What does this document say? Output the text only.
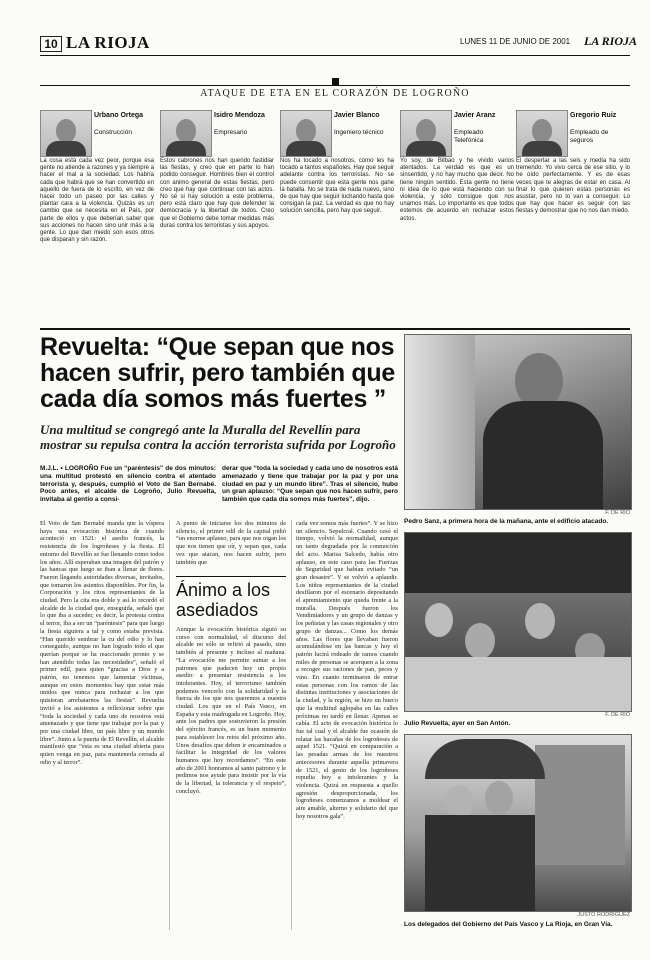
10 LA RIOJA	LUNES 11 DE JUNIO DE 2001 LA RIOJA
ATAQUE DE ETA EN EL CORAZÓN DE LOGROÑO
Urbano Ortega
Construcción
La cosa está cada vez peor, porque esa gente no atiende a razones y ya siempre a hacer el mal a la sociedad. Los habría cada que habrá que se han convertido en aquello de fuera de lo escrito, en vez de hacer todo un paseo por las calles y plantar cara a la violencia. Quizás es un cambio que se necesita en el País, por parte de ellos y que deberían saber que sus acciones no hacen sino unir más a la gente. Lo que dan miedo son esos otros que disparan y sin razón.
Isidro Mendoza
Empresario
Estos cabrones nos han querido fastidiar las fiestas, y creo que en parte lo han podido conseguir. Hombres bien el control con animo general de estas fiestas, pero creo que hay que continuar con las actos. No sé si hay solución a este problema, pero está claro que hay que defender la democracia y la libertad de todos. Creo que el Gobierno debe tomar medidas más duras contra los terroristas y sus apoyos.
Javier Blanco
Ingeniero técnico
Nos ha tocado a nosotros, como les ha tocado a tantos españoles. Hay que seguir adelante contra los terroristas. No se puede consentir que esta gente nos gane la batalla. No se trata de nada nuevo, sino de que hay que seguir luchando hasta que consigan la paz. La verdad es que no hay solución sencilla, pero hay que seguir.
Javier Aranz
Empleado Telefónica
Yo soy, de Bilbao y he vivido varios atentados. La verdad es que es un sinsentido, y no hay mucho que decir. No tiene ningún sentido. Esta gente no tiene ni idea de lo que está haciendo con su violencia, y sólo consigue que nos unamos más. Lo importante es que todos estemos de acuerdo en rechazar estos actos.
Gregorio Ruiz
Empleado de seguros
El despertar a las seis y media ha sido tremendo. Yo vivo cerca de ese sitio, y lo he oído perfectamente. Y es de esas veces que te alegras de estar en casa. Al final lo que quieren estas personas es asustar, pero no lo van a conseguir. Lo que hay que hacer es seguir con las fiestas y demostrar que no nos dan miedo.
Revuelta: “Que sepan que nos hacen sufrir, pero también que cada día somos más fuertes ”
Una multitud se congregó ante la Muralla del Revellín para mostrar su repulsa contra la acción terrorista sufrida por Logroño
F. DE RIO
Pedro Sanz, a primera hora de la mañana, ante el edificio atacado.
M.J.L. • LOGROÑO Fue un “paréntesis” de dos minutos: una multitud protestó en silencio contra el atentado terrorista y, después, cumplió el Voto de San Bernabé. Poco antes, el alcalde de Logroño, Julio Revuelta, invitaba al gentío a consi-
derar que “toda la sociedad y cada uno de nosotros está amenazado y tiene que trabajar por la paz y por una ciudad en paz y un mundo libre”. Tras el silencio, hubo un gran aplauso: “Que sepan que nos hacen sufrir, pero también que cada día somos más fuertes”, dijo.
El Voto de San Bernabé manda que la víspera haya una evocación histórica de cuando aconteció en 1521: el asedio francés, la resistencia de los logroñeses y la fiesta. El entorno del Revellín se fue llenando como todos los años. Allí esperaban una imagen del patrón y las bancas que luego se iban a llenar de flores. Fueron llegando autoridades diversas, invitados, que tomaron los asientos disponibles. Por fin, la Corporación y los ritos representantes de la ciudad. Pero la cita era doble y así lo recordó el alcalde de la ciudad que, enseguida, señaló que lo que iba a suceder, es decir, la protesta contra el terror, iba a ser un “paréntesis” para que luego la fiesta siguiera a tal y como estaba prevista. “Han querido sembrar la cu del odio y lo han conseguido, aunque no han logrado todo el que querían porque se ha reaccionado pronto y se han atendido todas las necesidades”, señaló el primer edil, para quien “gracias a Dios y a patrón, no tenemos que lamentar víctimas, aunque en estos momentos hay que estar más unidos que nunca para rechazar a los que quisieran arrebatarnos las fiestas”. Revuelta invitó a los asistentes a reflexionar sobre que “toda la sociedad y cada uno de nosotros está amenazado y que tiene que trabajar por la paz y por una ciudad libre, un país libre y un mundo libre”. Junto a la puerta de El Revellín, el alcalde manifestó que “ésta es una ciudad abierta para quien venga en paz, para mantenerla cerrada al odio y al terror”.
A punto de iniciarse los dos minutos de silencio, el primer edil de la capital pidió “un enorme aplauso, para que nos oigan los que nos tienen que oír, y sepan que, cada vez que atacan, nos hacen sufrir, pero también que
Ánimo a los asediados
Aunque la evocación histórica siguió su curso con normalidad, el discurso del alcalde no sólo se refirió al pasado, sino también al presente y incluso al mañana. “La evocación me permite sumar a los patrones que padecen hoy un propio asedio: a presentar resistencia a los intolerantes. Hoy, el terrorismo también podemos vencerlo con la solidaridad y la fuerza de los que nos queremos a nuestra ciudad. Los que en el País Vasco, en España y esta madrugada en Logroño. Hoy, ante los padres que sostuvieron la presión del ejército francés, es un buen momento para establecer los retos del próximo año. Unos desafíos que deben ir encaminados a facilitar la integridad de los valores humanos que hoy recordamos”. “En este año de 2001 honramos al santo patrono y le pedimos nos ayude para insistir por la vía de la libertad, la tolerancia y el respeto”, concluyó.
cada vez somos más fuertes”. Y se hizo un silencio. Sepulcral. Cuando cesó el tiempo, volvió la normalidad, aunque un tanto degradada por la conmoción del acto. Marisa Salcedo, había otro aplauso, en este caso para las Fuerzas de Seguridad que habían evitado “un gran desastre”. Y se volvió a aplaudir. Los niños representantes de la ciudad desfilaron por el escenario depositando el apremiamiento que queda frente a la muralla. Después fueron los Vendimiadores y un grupo de danzas y los peñistas y las casas regionales y otro grupo de danzas... Como los demás años. Las flores que llevaban fueron acumulándose en las bancas y hoy el patrón lucirá rodeado de ramos cuando miles de personas se acerquen a la zona a recoger sus raciones de pan, peces y vino. En cuanto terminaron de entrar estas personas con los ramos de las distintas instituciones y asociaciones de la ciudad, y la región, se hizo un hueco que la multitud aglopaba en las calles próximas no tardó en llenar. Apenas se cabía. El acto de evocación histórica lo fue tal cual y el alcalde fue ocasión de relatar las hazañas de los logroñeses de aquel 1521. “Quizá en comparación a las pesadas armas de los nuestros antecesores durante aquella primavera de 1521, el genio de los logroñeses repudia hoy a intolerantes y la violencia. Quizá en respuesta a quello agresión desproporcionada, los logroñeses comenzamos a moldear el aire amable, alterno y solidario del que hoy nosotros gala”.
F. DE RIO
Julio Revuelta, ayer en San Antón.
JUSTO RODRÍGUEZ
Los delegados del Gobierno del País Vasco y La Rioja, en Gran Vía.
